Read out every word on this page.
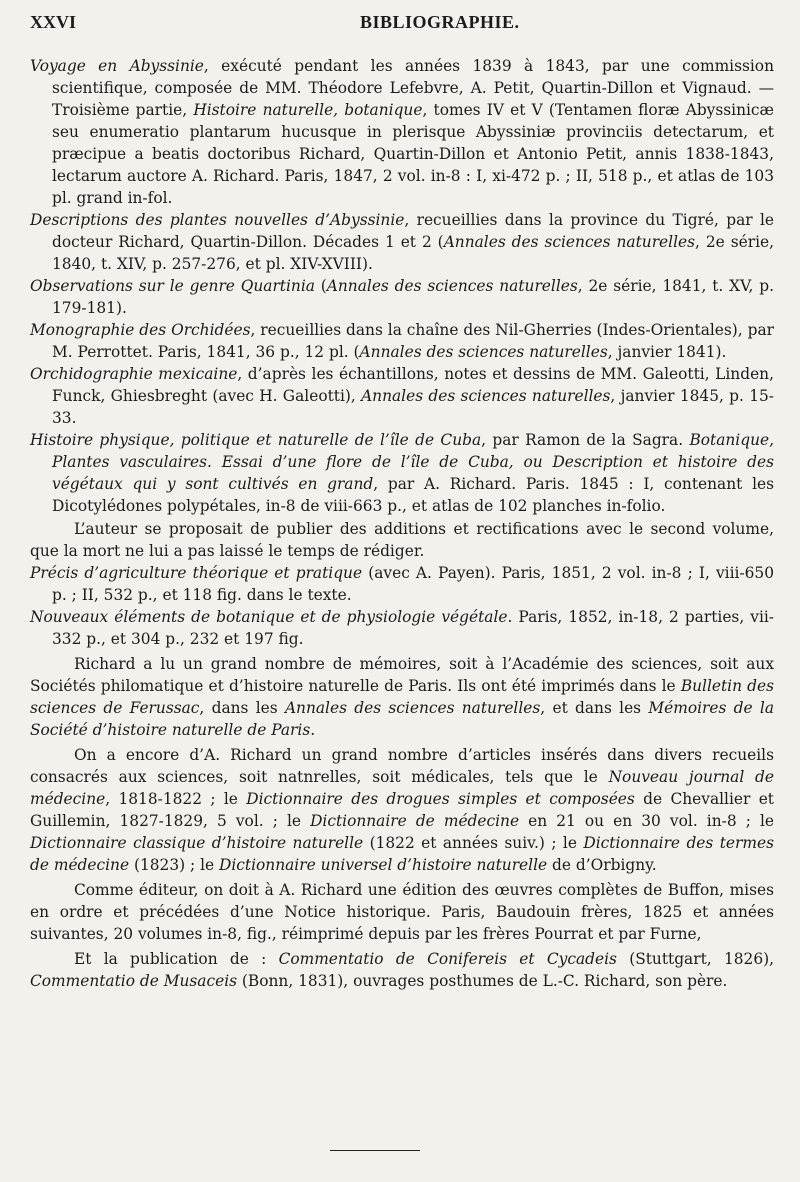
XXVI	BIBLIOGRAPHIE.

Voyage en Abyssinie, exécuté pendant les années 1839 à 1843, par une commission scientifique, composée de MM. Théodore Lefebvre, A. Petit, Quartin-Dillon et Vignaud. — Troisième partie, Histoire naturelle, botanique, tomes IV et V (Tentamen floræ Abyssinicæ seu enumeratio plantarum hucusque in plerisque Abyssiniæ provinciis detectarum, et præcipue a beatis doctoribus Richard, Quartin-Dillon et Antonio Petit, annis 1838-1843, lectarum auctore A. Richard. Paris, 1847, 2 vol. in-8 : I, xi-472 p. ; II, 518 p., et atlas de 103 pl. grand in-fol.

Descriptions des plantes nouvelles d’Abyssinie, recueillies dans la province du Tigré, par le docteur Richard, Quartin-Dillon. Décades 1 et 2 (Annales des sciences naturelles, 2e série, 1840, t. XIV, p. 257-276, et pl. XIV-XVIII).

Observations sur le genre Quartinia (Annales des sciences naturelles, 2e série, 1841, t. XV, p. 179-181).

Monographie des Orchidées, recueillies dans la chaîne des Nil-Gherries (Indes-Orientales), par M. Perrottet. Paris, 1841, 36 p., 12 pl. (Annales des sciences naturelles, janvier 1841).

Orchidographie mexicaine, d’après les échantillons, notes et dessins de MM. Galeotti, Linden, Funck, Ghiesbreght (avec H. Galeotti), Annales des sciences naturelles, janvier 1845, p. 15-33.

Histoire physique, politique et naturelle de l’île de Cuba, par Ramon de la Sagra. Botanique, Plantes vasculaires. Essai d’une flore de l’île de Cuba, ou Description et histoire des végétaux qui y sont cultivés en grand, par A. Richard. Paris. 1845 : I, contenant les Dicotylédones polypétales, in-8 de viii-663 p., et atlas de 102 planches in-folio.

L’auteur se proposait de publier des additions et rectifications avec le second volume, que la mort ne lui a pas laissé le temps de rédiger.

Précis d’agriculture théorique et pratique (avec A. Payen). Paris, 1851, 2 vol. in-8 ; I, viii-650 p. ; II, 532 p., et 118 fig. dans le texte.

Nouveaux éléments de botanique et de physiologie végétale. Paris, 1852, in-18, 2 parties, vii-332 p., et 304 p., 232 et 197 fig.

Richard a lu un grand nombre de mémoires, soit à l’Académie des sciences, soit aux Sociétés philomatique et d’histoire naturelle de Paris. Ils ont été imprimés dans le Bulletin des sciences de Ferussac, dans les Annales des sciences naturelles, et dans les Mémoires de la Société d’histoire naturelle de Paris.

On a encore d’A. Richard un grand nombre d’articles insérés dans divers recueils consacrés aux sciences, soit natnrelles, soit médicales, tels que le Nouveau journal de médecine, 1818-1822 ; le Dictionnaire des drogues simples et composées de Chevallier et Guillemin, 1827-1829, 5 vol. ; le Dictionnaire de médecine en 21 ou en 30 vol. in-8 ; le Dictionnaire classique d’histoire naturelle (1822 et années suiv.) ; le Dictionnaire des termes de médecine (1823) ; le Dictionnaire universel d’histoire naturelle de d’Orbigny.

Comme éditeur, on doit à A. Richard une édition des œuvres complètes de Buffon, mises en ordre et précédées d’une Notice historique. Paris, Baudouin frères, 1825 et années suivantes, 20 volumes in-8, fig., réimprimé depuis par les frères Pourrat et par Furne,

Et la publication de : Commentatio de Conifereis et Cycadeis (Stuttgart, 1826), Commentatio de Musaceis (Bonn, 1831), ouvrages posthumes de L.-C. Richard, son père.
